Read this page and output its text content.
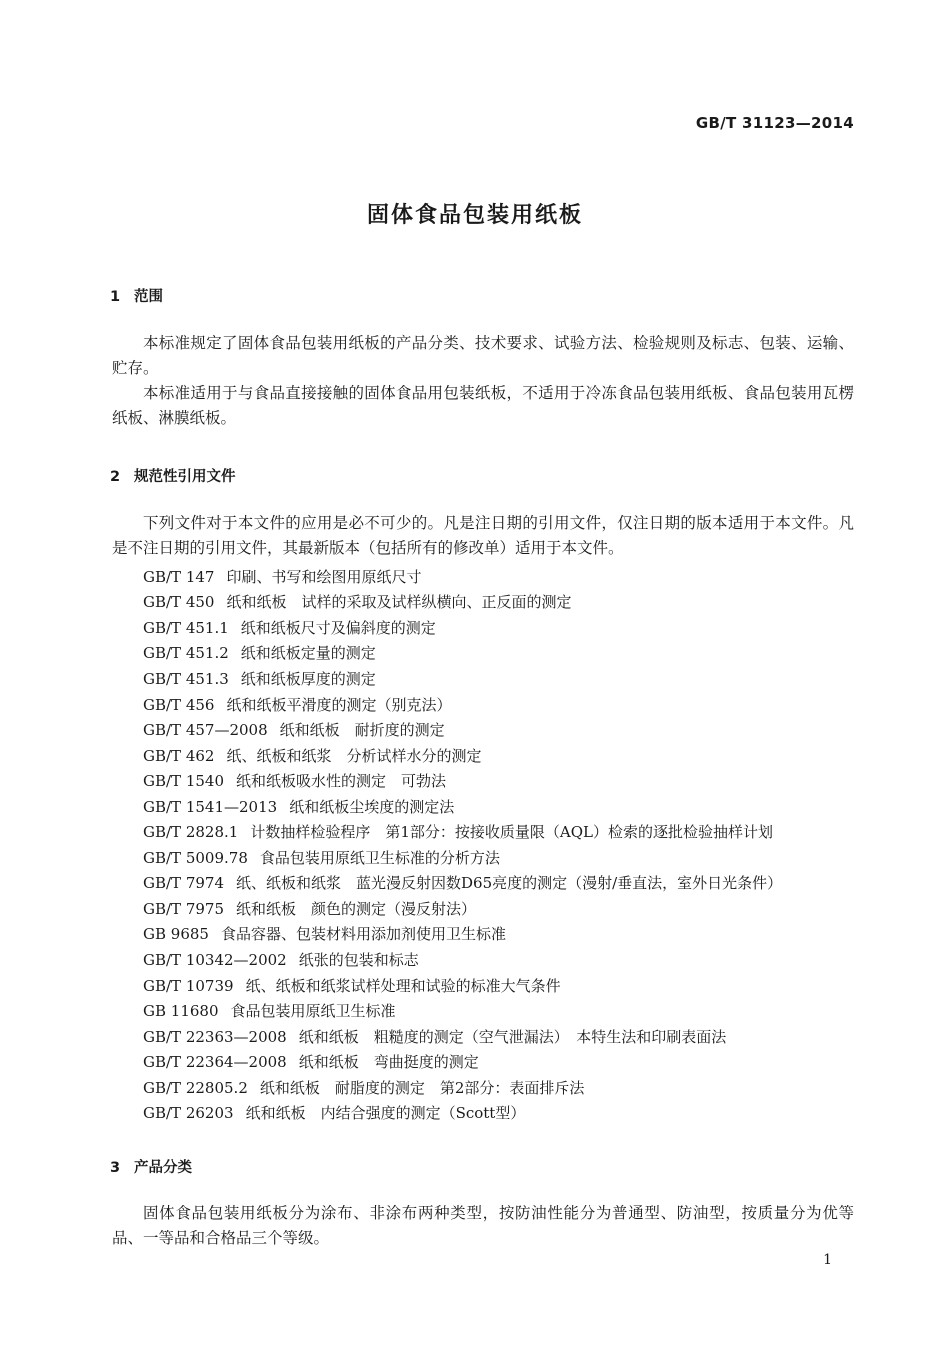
GB/T 31123—2014
固体食品包装用纸板
1 范围
本标准规定了固体食品包装用纸板的产品分类、技术要求、试验方法、检验规则及标志、包装、运输、贮存。
本标准适用于与食品直接接触的固体食品用包装纸板，不适用于冷冻食品包装用纸板、食品包装用瓦楞纸板、淋膜纸板。
2 规范性引用文件
下列文件对于本文件的应用是必不可少的。凡是注日期的引用文件，仅注日期的版本适用于本文件。凡是不注日期的引用文件，其最新版本（包括所有的修改单）适用于本文件。
GB/T 147 印刷、书写和绘图用原纸尺寸
GB/T 450 纸和纸板　试样的采取及试样纵横向、正反面的测定
GB/T 451.1 纸和纸板尺寸及偏斜度的测定
GB/T 451.2 纸和纸板定量的测定
GB/T 451.3 纸和纸板厚度的测定
GB/T 456 纸和纸板平滑度的测定（别克法）
GB/T 457—2008 纸和纸板　耐折度的测定
GB/T 462 纸、纸板和纸浆　分析试样水分的测定
GB/T 1540 纸和纸板吸水性的测定　可勃法
GB/T 1541—2013 纸和纸板尘埃度的测定法
GB/T 2828.1 计数抽样检验程序　第1部分：按接收质量限（AQL）检索的逐批检验抽样计划
GB/T 5009.78 食品包装用原纸卫生标准的分析方法
GB/T 7974 纸、纸板和纸浆　蓝光漫反射因数D65亮度的测定（漫射/垂直法，室外日光条件）
GB/T 7975 纸和纸板　颜色的测定（漫反射法）
GB 9685 食品容器、包装材料用添加剂使用卫生标准
GB/T 10342—2002 纸张的包装和标志
GB/T 10739 纸、纸板和纸浆试样处理和试验的标准大气条件
GB 11680 食品包装用原纸卫生标准
GB/T 22363—2008 纸和纸板　粗糙度的测定（空气泄漏法）　本特生法和印刷表面法
GB/T 22364—2008 纸和纸板　弯曲挺度的测定
GB/T 22805.2 纸和纸板　耐脂度的测定　第2部分：表面排斥法
GB/T 26203 纸和纸板　内结合强度的测定（Scott型）
3 产品分类
固体食品包装用纸板分为涂布、非涂布两种类型，按防油性能分为普通型、防油型，按质量分为优等品、一等品和合格品三个等级。
1
